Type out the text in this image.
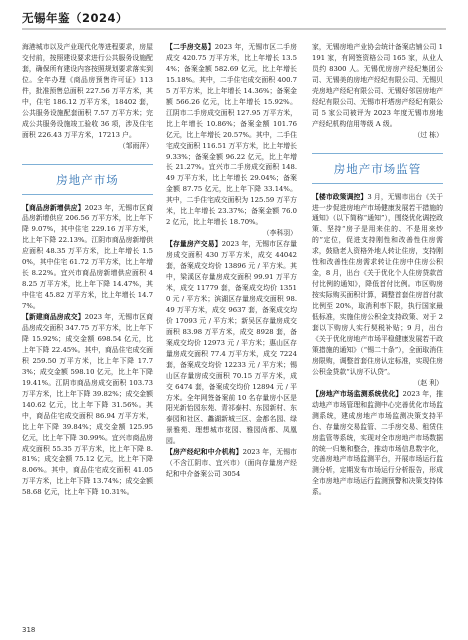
无锡年鉴（2024）

海港城市以及产业现代化等进程要求，房屋交付前，按照建设要求进行公共服务设施配套，确保所有建设内容按照规划要求落实到位。全年办理《商品房预售许可证》113件，批准预售总面积 227.56 万平方米，其中，住宅 186.12 万平方米，18402 套，公共服务设施配套面积 7.57 万平方米；完成公共服务设施竣工验收 36 项，涉及住宅面积 226.43 万平方米，17213 户。

（邹雨萍）

房地产市场

【商品房新增供应】2023 年，无锡市区商品房新增供应 206.56 万平方米，比上年下降 9.07%，其中住宅 229.16 万平方米，比上年下降 22.13%。江阴市商品房新增供应面积 48.35 万平方米，比上年增长 1.50%，其中住宅 61.72 万平方米，比上年增长 8.22%。宜兴市商品房新增供应面积 48.25 万平方米，比上年下降 14.47%，其中住宅 45.82 万平方米，比上年增长 14.77%。

【新建商品房成交】2023 年，无锡市区商品房成交面积 347.75 万平方米，比上年下降 15.92%；成交金额 698.54 亿元，比上年下降 22.45%。其中，商品住宅成交面积 259.50 万平方米，比上年下降 17.73%；成交金额 598.10 亿元，比上年下降 19.41%。江阴市商品房成交面积 103.73 万平方米，比上年下降 39.82%；成交金额 140.62 亿元，比上年下降 31.56%。其中，商品住宅成交面积 86.94 万平方米，比上年下降 39.84%；成交金额 125.95 亿元，比上年下降 30.99%。宜兴市商品房成交面积 55.35 万平方米，比上年下降 8.81%；成交金额 75.12 亿元，比上年下降 8.06%。其中，商品住宅成交面积 41.05 万平方米，比上年下降 13.74%；成交金额 58.68 亿元，比上年下降 10.31%。

【二手房交易】2023 年，无锡市区二手房成交 420.75 万平方米，比上年增长 13.54%；备案金额 582.69 亿元，比上年增长 15.18%。其中，二手住宅成交面积 400.75 万平方米，比上年增长 14.36%；备案金额 566.26 亿元，比上年增长 15.92%。江阴市二手房成交面积 127.95 万平方米，比上年增长 10.86%；备案金额 101.76 亿元，比上年增长 20.57%。其中，二手住宅成交面积 116.51 万平方米，比上年增长 9.33%；备案金额 96.22 亿元，比上年增长 21.27%。宜兴市二手房成交面积 148.49 万平方米，比上年增长 29.04%；备案金额 87.75 亿元，比上年下降 33.14%。其中，二手住宅成交面积为 125.59 万平方米，比上年增长 23.37%；备案金额 76.02 亿元，比上年增长 18.70%。

（李科羽）

【存量房产交易】2023 年，无锡市区存量房成交面积 430 万平方米，成交 44042 套，备案成交均价 13896 元 / 平方米。其中，梁溪区存量房成交面积 99.91 万平方米，成交 11779 套，备案成交均价 13510 元 / 平方米；滨湖区存量房成交面积 98.49 万平方米，成交 9637 套，备案成交均价 17093 元 / 平方米；新吴区存量房成交面积 83.98 万平方米，成交 8928 套，备案成交均价 12973 元 / 平方米；惠山区存量房成交面积 77.4 万平方米，成交 7224 套，备案成交均价 12233 元 / 平方米；锡山区存量房成交面积 70.15 万平方米，成交 6474 套，备案成交均价 12894 元 / 平方米。全年网签备案前 10 名存量房小区是阳光新怡园东苑、青祁泰村、东园新村、东泰园和社区、蠡湖新城三区、金都名园、绿景雅苑、理想城市花园、雅园尚都、凤凰园。

【房产经纪和中介机构】2023 年，无锡市（不含江阴市、宜兴市）（面向存量房产经纪和中介备案公司 3054

家，无锡房地产业协会统计备案店铺公司 1191 家，有网签资格公司 165 家，从业人员约 8300 人。无锡优房房产经纪集团公司、无锡美的房地产经纪有限公司、无锡贝壳房地产经纪有限公司、无锡好邻居房地产经纪有限公司、无锡市杆塔房产经纪有限公司 5 家公司被评为 2023 年度无锡市房地产经纪机构信用等级 A 级。

（过 栋）

房地产市场监管

【楼市政策调控】3 月，无锡市出台《关于进一步促进房地产市场健康发展若干措施的通知》（以下简称“通知”），围绕优化调控政策、坚持“房子是用来住的、不是用来炒的”定位，促进支持刚性和改善性住房需求，鼓励老人资格外地人转让住房，支持刚性和改善性住房需求转让住房中住房公积金，8 月，出台《关于优化个人住房贷款首付比例的通知》，降低首付比例。市区购房按实际购买面积计算，调整首套住房首付款比例至 20%，取消利率下限，执行国家最低标准，实施住房公积金支持政策、对于 2 套以下购房人实行契税补贴；9 月，出台《关于优化房地产市场平稳健康发展若干政策措施的通知》（“锡二十条”），全面取消住房限购，调整首套住房认定标准，实现住房公积金贷款“认房不认贷”。

（赵 利）

【房地产市场监测系统优化】2023 年，推动地产市场管理和监测中心完善优化市场监测系统，建成房地产市场监测决策支持平台、存量房交易监管、二手房交易、租赁住房监管等系统，实现对全市房地产市场数据的统一归集和整合，推动市场信息数字化，完善房地产市场监测平台，开展市场运行监测分析，定期发布市场运行分析报告，形成全市房地产市场运行监测预警和决策支持体系。

318
